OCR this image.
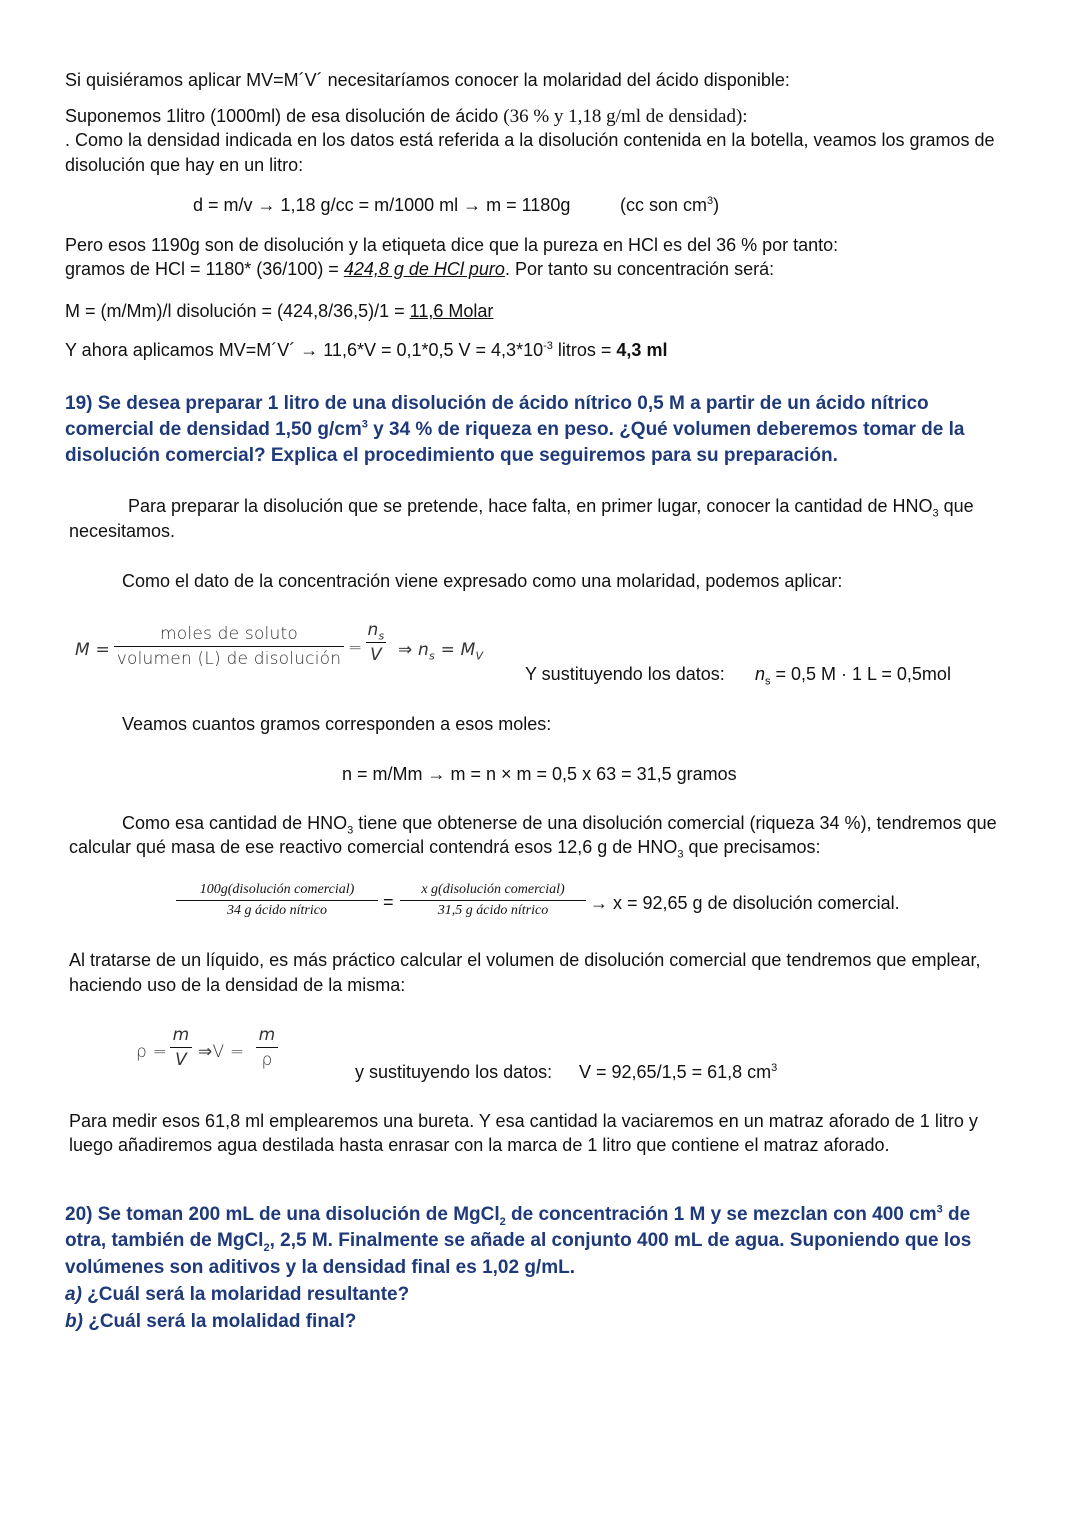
Si quisiéramos aplicar MV=M´V´ necesitaríamos conocer la molaridad del ácido disponible:
Suponemos 1litro (1000ml) de esa disolución de ácido (36 % y 1,18 g/ml de densidad):
. Como la densidad indicada en los datos está referida a la disolución contenida en la botella, veamos los gramos de
disolución que hay en un litro:
d = m/v → 1,18 g/cc = m/1000 ml → m = 1180g	(cc son $cm^3$)
Pero esos 1190g son de disolución y la etiqueta dice que la pureza en HCl es del 36 % por tanto:
gramos de HCl = 1180* (36/100) = 424,8 g de HCl puro. Por tanto su concentración será:
M = (m/Mm)/l disolución = (424,8/36,5)/1 = 11,6 Molar
Y ahora aplicamos MV=M´V´ → 11,6*V = 0,1*0,5 $V = 4,3*10^{-3}$ litros = 4,3 ml
19) Se desea preparar 1 litro de una disolución de ácido nítrico 0,5 M a partir de un ácido nítrico
comercial de densidad 1,50 $g/cm^3$ y 34 % de riqueza en peso. ¿Qué volumen deberemos tomar de la
disolución comercial? Explica el procedimiento que seguiremos para su preparación.
Para preparar la disolución que se pretende, hace falta, en primer lugar, conocer la cantidad de $HNO_3$ que
necesitamos.
Como el dato de la concentración viene expresado como una molaridad, podemos aplicar:
M =
moles de soluto
volumen (L) de disolución
=
$n_s$
V ⇒ $n_s = M_V$
Y sustituyendo los datos: $n_s = 0,5$ M · 1 L = 0,5mol
Veamos cuantos gramos corresponden a esos moles:
n = m/Mm → m = n × m = 0,5 x 63 = 31,5 gramos
Como esa cantidad de $HNO_3$ tiene que obtenerse de una disolución comercial (riqueza 34 %), tendremos que
calcular qué masa de ese reactivo comercial contendrá esos 12,6 g de $HNO_3$ que precisamos:
100g(disolución comercial)
34 g ácido nítrico	=
x g(disolución comercial)
31,5 g ácido nítrico	→ x = 92,65 g de disolución comercial.
Al tratarse de un líquido, es más práctico calcular el volumen de disolución comercial que tendremos que emplear,
haciendo uso de la densidad de la misma:
ρ =
m
V ⇒V =
m
ρ
y sustituyendo los datos: V = 92,65/1,5 = 61,8 $cm^3$
Para medir esos 61,8 ml emplearemos una bureta. Y esa cantidad la vaciaremos en un matraz aforado de 1 litro y
luego añadiremos agua destilada hasta enrasar con la marca de 1 litro que contiene el matraz aforado.
20) Se toman 200 mL de una disolución de MgCl$_2$ de concentración 1 M y se mezclan con 400 $cm^3$ de
otra, también de MgCl$_2$, 2,5 M. Finalmente se añade al conjunto 400 mL de agua. Suponiendo que los
volúmenes son aditivos y la densidad final es 1,02 g/mL.
a) ¿Cuál será la molaridad resultante?
b) ¿Cuál será la molalidad final?
